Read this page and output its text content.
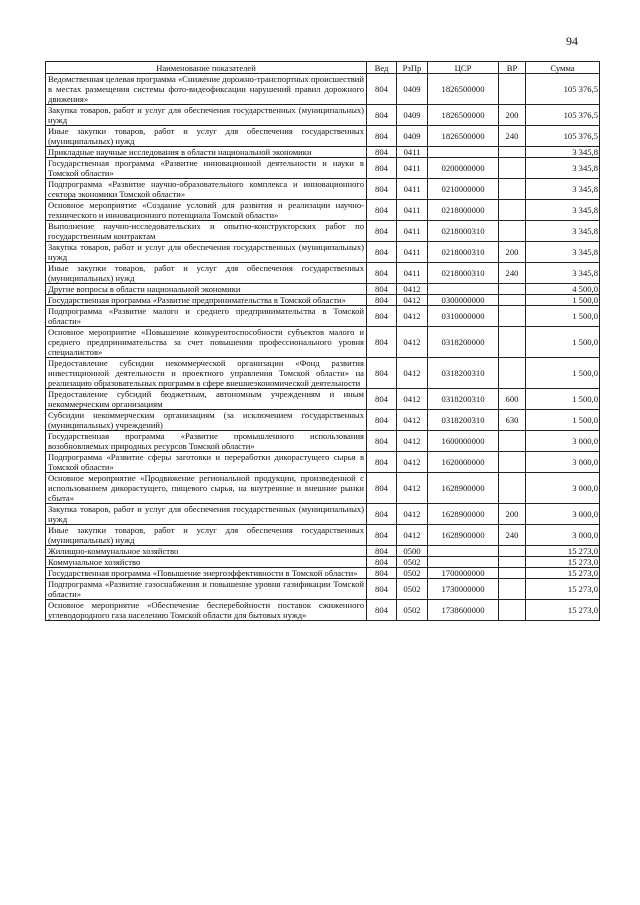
94
Наименование показателей	Вед	РзПр	ЦСР	ВР	Сумма
Ведомственная целевая программа «Снижение дорожно-транспортных происшествий в местах размещения системы фото-видеофиксации нарушений правил дорожного движения»	804	0409	1826500000		105 376,5
Закупка товаров, работ и услуг для обеспечения государственных (муниципальных) нужд	804	0409	1826500000	200	105 376,5
Иные закупки товаров, работ и услуг для обеспечения государственных (муниципальных) нужд	804	0409	1826500000	240	105 376,5
Прикладные научные исследования в области национальной экономики	804	0411			3 345,8
Государственная программа «Развитие инновационной деятельности и науки в Томской области»	804	0411	0200000000		3 345,8
Подпрограмма «Развитие научно-образовательного комплекса и инновационного сектора экономики Томской области»	804	0411	0210000000		3 345,8
Основное мероприятие «Создание условий для развития и реализации научно-технического и инновационного потенциала Томской области»	804	0411	0218000000		3 345,8
Выполнение научно-исследовательских и опытно-конструкторских работ по государственным контрактам	804	0411	0218000310		3 345,8
Закупка товаров, работ и услуг для обеспечения государственных (муниципальных) нужд	804	0411	0218000310	200	3 345,8
Иные закупки товаров, работ и услуг для обеспечения государственных (муниципальных) нужд	804	0411	0218000310	240	3 345,8
Другие вопросы в области национальной экономики	804	0412			4 500,0
Государственная программа «Развитие предпринимательства в Томской области»	804	0412	0300000000		1 500,0
Подпрограмма «Развитие малого и среднего предпринимательства в Томской области»	804	0412	0310000000		1 500,0
Основное мероприятие «Повышение конкурентоспособности субъектов малого и среднего предпринимательства за счет повышения профессионального уровня специалистов»	804	0412	0318200000		1 500,0
Предоставление субсидии некоммерческой организации «Фонд развития инвестиционной деятельности и проектного управления Томской области» на реализацию образовательных программ в сфере внешнеэкономической деятельности	804	0412	0318200310		1 500,0
Предоставление субсидий бюджетным, автономным учреждениям и иным некоммерческим организациям	804	0412	0318200310	600	1 500,0
Субсидии некоммерческим организациям (за исключением государственных (муниципальных) учреждений)	804	0412	0318200310	630	1 500,0
Государственная программа «Развитие промышленного использования возобновляемых природных ресурсов Томской области»	804	0412	1600000000		3 000,0
Подпрограмма «Развитие сферы заготовки и переработки дикорастущего сырья в Томской области»	804	0412	1620000000		3 000,0
Основное мероприятие «Продвижение региональной продукции, произведенной с использованием дикорастущего, пищевого сырья, на внутренние и внешние рынки сбыта»	804	0412	1628900000		3 000,0
Закупка товаров, работ и услуг для обеспечения государственных (муниципальных) нужд	804	0412	1628900000	200	3 000,0
Иные закупки товаров, работ и услуг для обеспечения государственных (муниципальных) нужд	804	0412	1628900000	240	3 000,0
Жилищно-коммунальное хозяйство	804	0500			15 273,0
Коммунальное хозяйство	804	0502			15 273,0
Государственная программа «Повышение энергоэффективности в Томской области»	804	0502	1700000000		15 273,0
Подпрограмма «Развитие газоснабжения и повышение уровня газификации Томской области»	804	0502	1730000000		15 273,0
Основное мероприятие «Обеспечение бесперебойности поставок сжиженного углеводородного газа населению Томской области для бытовых нужд»	804	0502	1738600000		15 273,0
